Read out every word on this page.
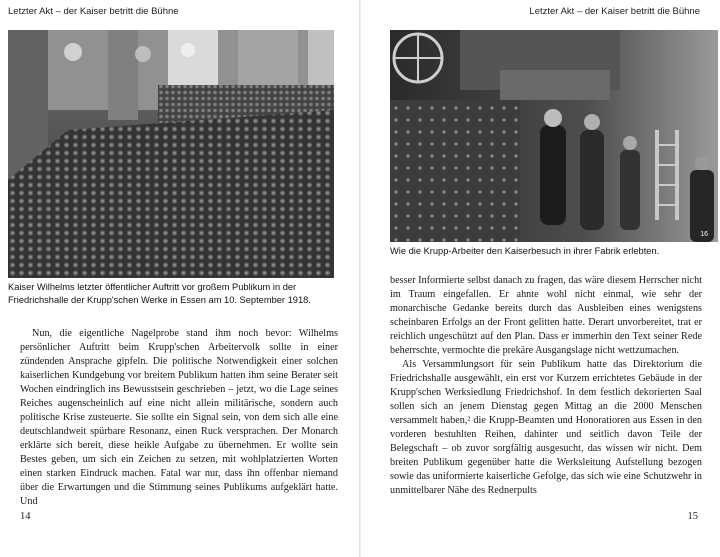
Letzter Akt – der Kaiser betritt die Bühne

Kaiser Wilhelms letzter öffentlicher Auftritt vor großem Publikum in der Friedrichshalle der Krupp'schen Werke in Essen am 10. September 1918.

Nun, die eigentliche Nagelprobe stand ihm noch bevor: Wilhelms persönlicher Auftritt beim Krupp'schen Arbeitervolk sollte in einer zündenden Ansprache gipfeln. Die politische Notwendigkeit einer solchen kaiserlichen Kundgebung vor breitem Publikum hatten ihm seine Berater seit Wochen eindringlich ins Bewusstsein geschrieben – jetzt, wo die Lage seines Reiches augenscheinlich auf eine nicht allein militärische, sondern auch politische Krise zusteuerte. Sie sollte ein Signal sein, von dem sich alle eine deutschlandweit spürbare Resonanz, einen Ruck versprachen. Der Monarch erklärte sich bereit, diese heikle Aufgabe zu übernehmen. Er wollte sein Bestes geben, um sich ein Zeichen zu setzen, mit wohlplatzierten Worten einen starken Eindruck machen. Fatal war nur, dass ihn offenbar niemand über die Erwartungen und die Stimmung seines Publikums aufgeklärt hatte. Und

14
Letzter Akt – der Kaiser betritt die Bühne
16

Wie die Krupp-Arbeiter den Kaiserbesuch in ihrer Fabrik erlebten.

besser Informierte selbst danach zu fragen, das wäre diesem Herrscher nicht im Traum eingefallen. Er ahnte wohl nicht einmal, wie sehr der monarchische Gedanke bereits durch das Ausbleiben eines wenigstens scheinbaren Erfolgs an der Front gelitten hatte. Derart unvorbereitet, trat er reichlich ungeschützt auf den Plan. Dass er immerhin den Text seiner Rede beherrschte, vermochte die prekäre Ausgangslage nicht wettzumachen.

Als Versammlungsort für sein Publikum hatte das Direktorium die Friedrichshalle ausgewählt, ein erst vor Kurzem errichtetes Gebäude in der Krupp'schen Werksiedlung Friedrichshof. In dem festlich dekorierten Saal sollen sich an jenem Dienstag gegen Mittag an die 2000 Menschen versammelt haben,² die Krupp-Beamten und Honoratioren aus Essen in den vorderen bestuhlten Reihen, dahinter und seitlich davon Teile der Belegschaft – ob zuvor sorgfältig ausgesucht, das wissen wir nicht. Dem breiten Publikum gegenüber hatte die Werksleitung Aufstellung bezogen sowie das uniformierte kaiserliche Gefolge, das sich wie eine Schutzwehr in unmittelbarer Nähe des Rednerpults

15
